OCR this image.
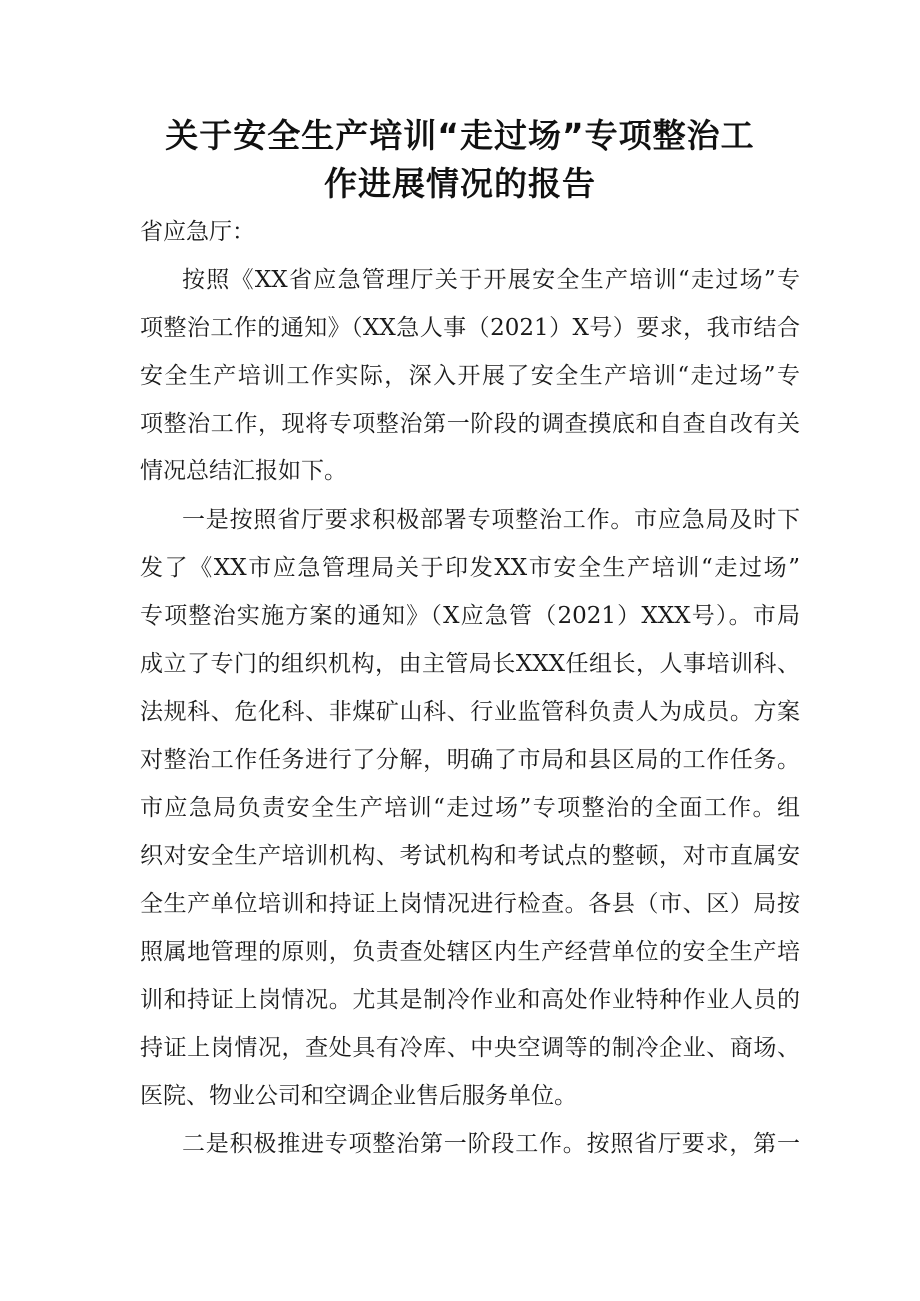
关于安全生产培训“走过场”专项整治工
作进展情况的报告
省应急厅：
按照《XX省应急管理厅关于开展安全生产培训“走过场”专
项整治工作的通知》（XX急人事（2021）X号）要求，我市结合
安全生产培训工作实际，深入开展了安全生产培训“走过场”专
项整治工作，现将专项整治第一阶段的调查摸底和自查自改有关
情况总结汇报如下。
一是按照省厅要求积极部署专项整治工作。市应急局及时下
发了《XX市应急管理局关于印发XX市安全生产培训“走过场”
专项整治实施方案的通知》（X应急管（2021）XXX号）。市局
成立了专门的组织机构，由主管局长XXX任组长，人事培训科、
法规科、危化科、非煤矿山科、行业监管科负责人为成员。方案
对整治工作任务进行了分解，明确了市局和县区局的工作任务。
市应急局负责安全生产培训“走过场”专项整治的全面工作。组
织对安全生产培训机构、考试机构和考试点的整顿，对市直属安
全生产单位培训和持证上岗情况进行检查。各县（市、区）局按
照属地管理的原则，负责查处辖区内生产经营单位的安全生产培
训和持证上岗情况。尤其是制冷作业和高处作业特种作业人员的
持证上岗情况，查处具有冷库、中央空调等的制冷企业、商场、
医院、物业公司和空调企业售后服务单位。
二是积极推进专项整治第一阶段工作。按照省厅要求，第一
